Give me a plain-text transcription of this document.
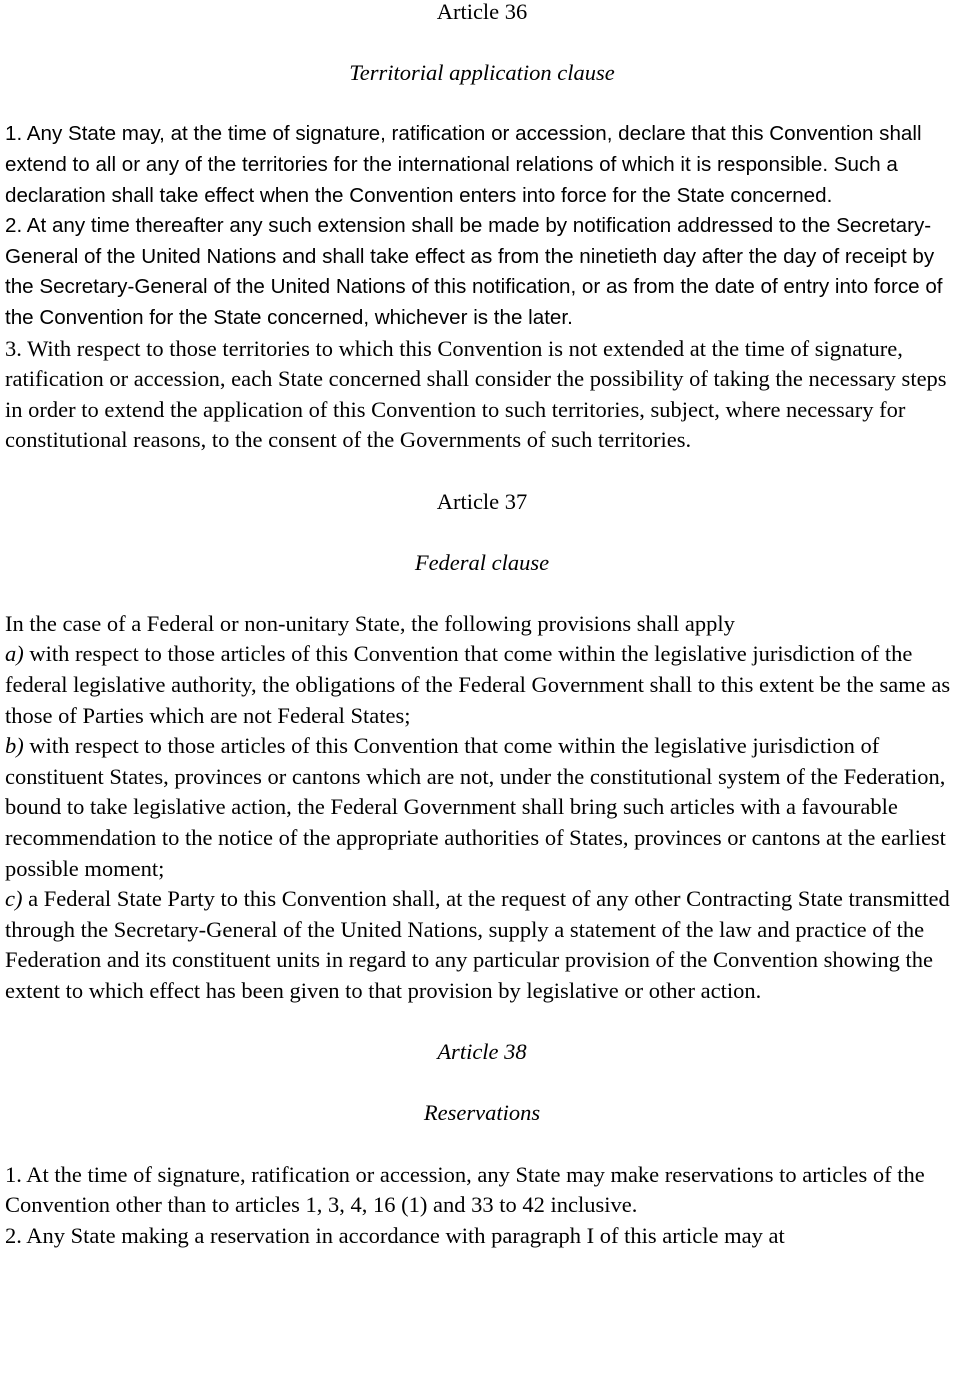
Article 36
Territorial application clause

1. Any State may, at the time of signature, ratification or accession, declare that this Convention shall extend to all or any of the territories for the international relations of which it is responsible. Such a declaration shall take effect when the Convention enters into force for the State concerned.

2. At any time thereafter any such extension shall be made by notification addressed to the Secretary-General of the United Nations and shall take effect as from the ninetieth day after the day of receipt by the Secretary-General of the United Nations of this notification, or as from the date of entry into force of the Convention for the State concerned, whichever is the later.

3. With respect to those territories to which this Convention is not extended at the time of signature, ratification or accession, each State concerned shall consider the possibility of taking the necessary steps in order to extend the application of this Convention to such territories, subject, where necessary for constitutional reasons, to the consent of the Governments of such territories.

Article 37
Federal clause

In the case of a Federal or non-unitary State, the following provisions shall apply

a) with respect to those articles of this Convention that come within the legislative jurisdiction of the federal legislative authority, the obligations of the Federal Government shall to this extent be the same as those of Parties which are not Federal States;

b) with respect to those articles of this Convention that come within the legislative jurisdiction of constituent States, provinces or cantons which are not, under the constitutional system of the Federation, bound to take legislative action, the Federal Government shall bring such articles with a favourable recommendation to the notice of the appropriate authorities of States, provinces or cantons at the earliest possible moment;

c) a Federal State Party to this Convention shall, at the request of any other Contracting State transmitted through the Secretary-General of the United Nations, supply a statement of the law and practice of the Federation and its constituent units in regard to any particular provision of the Convention showing the extent to which effect has been given to that provision by legislative or other action.

Article 38
Reservations

1. At the time of signature, ratification or accession, any State may make reservations to articles of the Convention other than to articles 1, 3, 4, 16 (1) and 33 to 42 inclusive.

2. Any State making a reservation in accordance with paragraph I of this article may at
